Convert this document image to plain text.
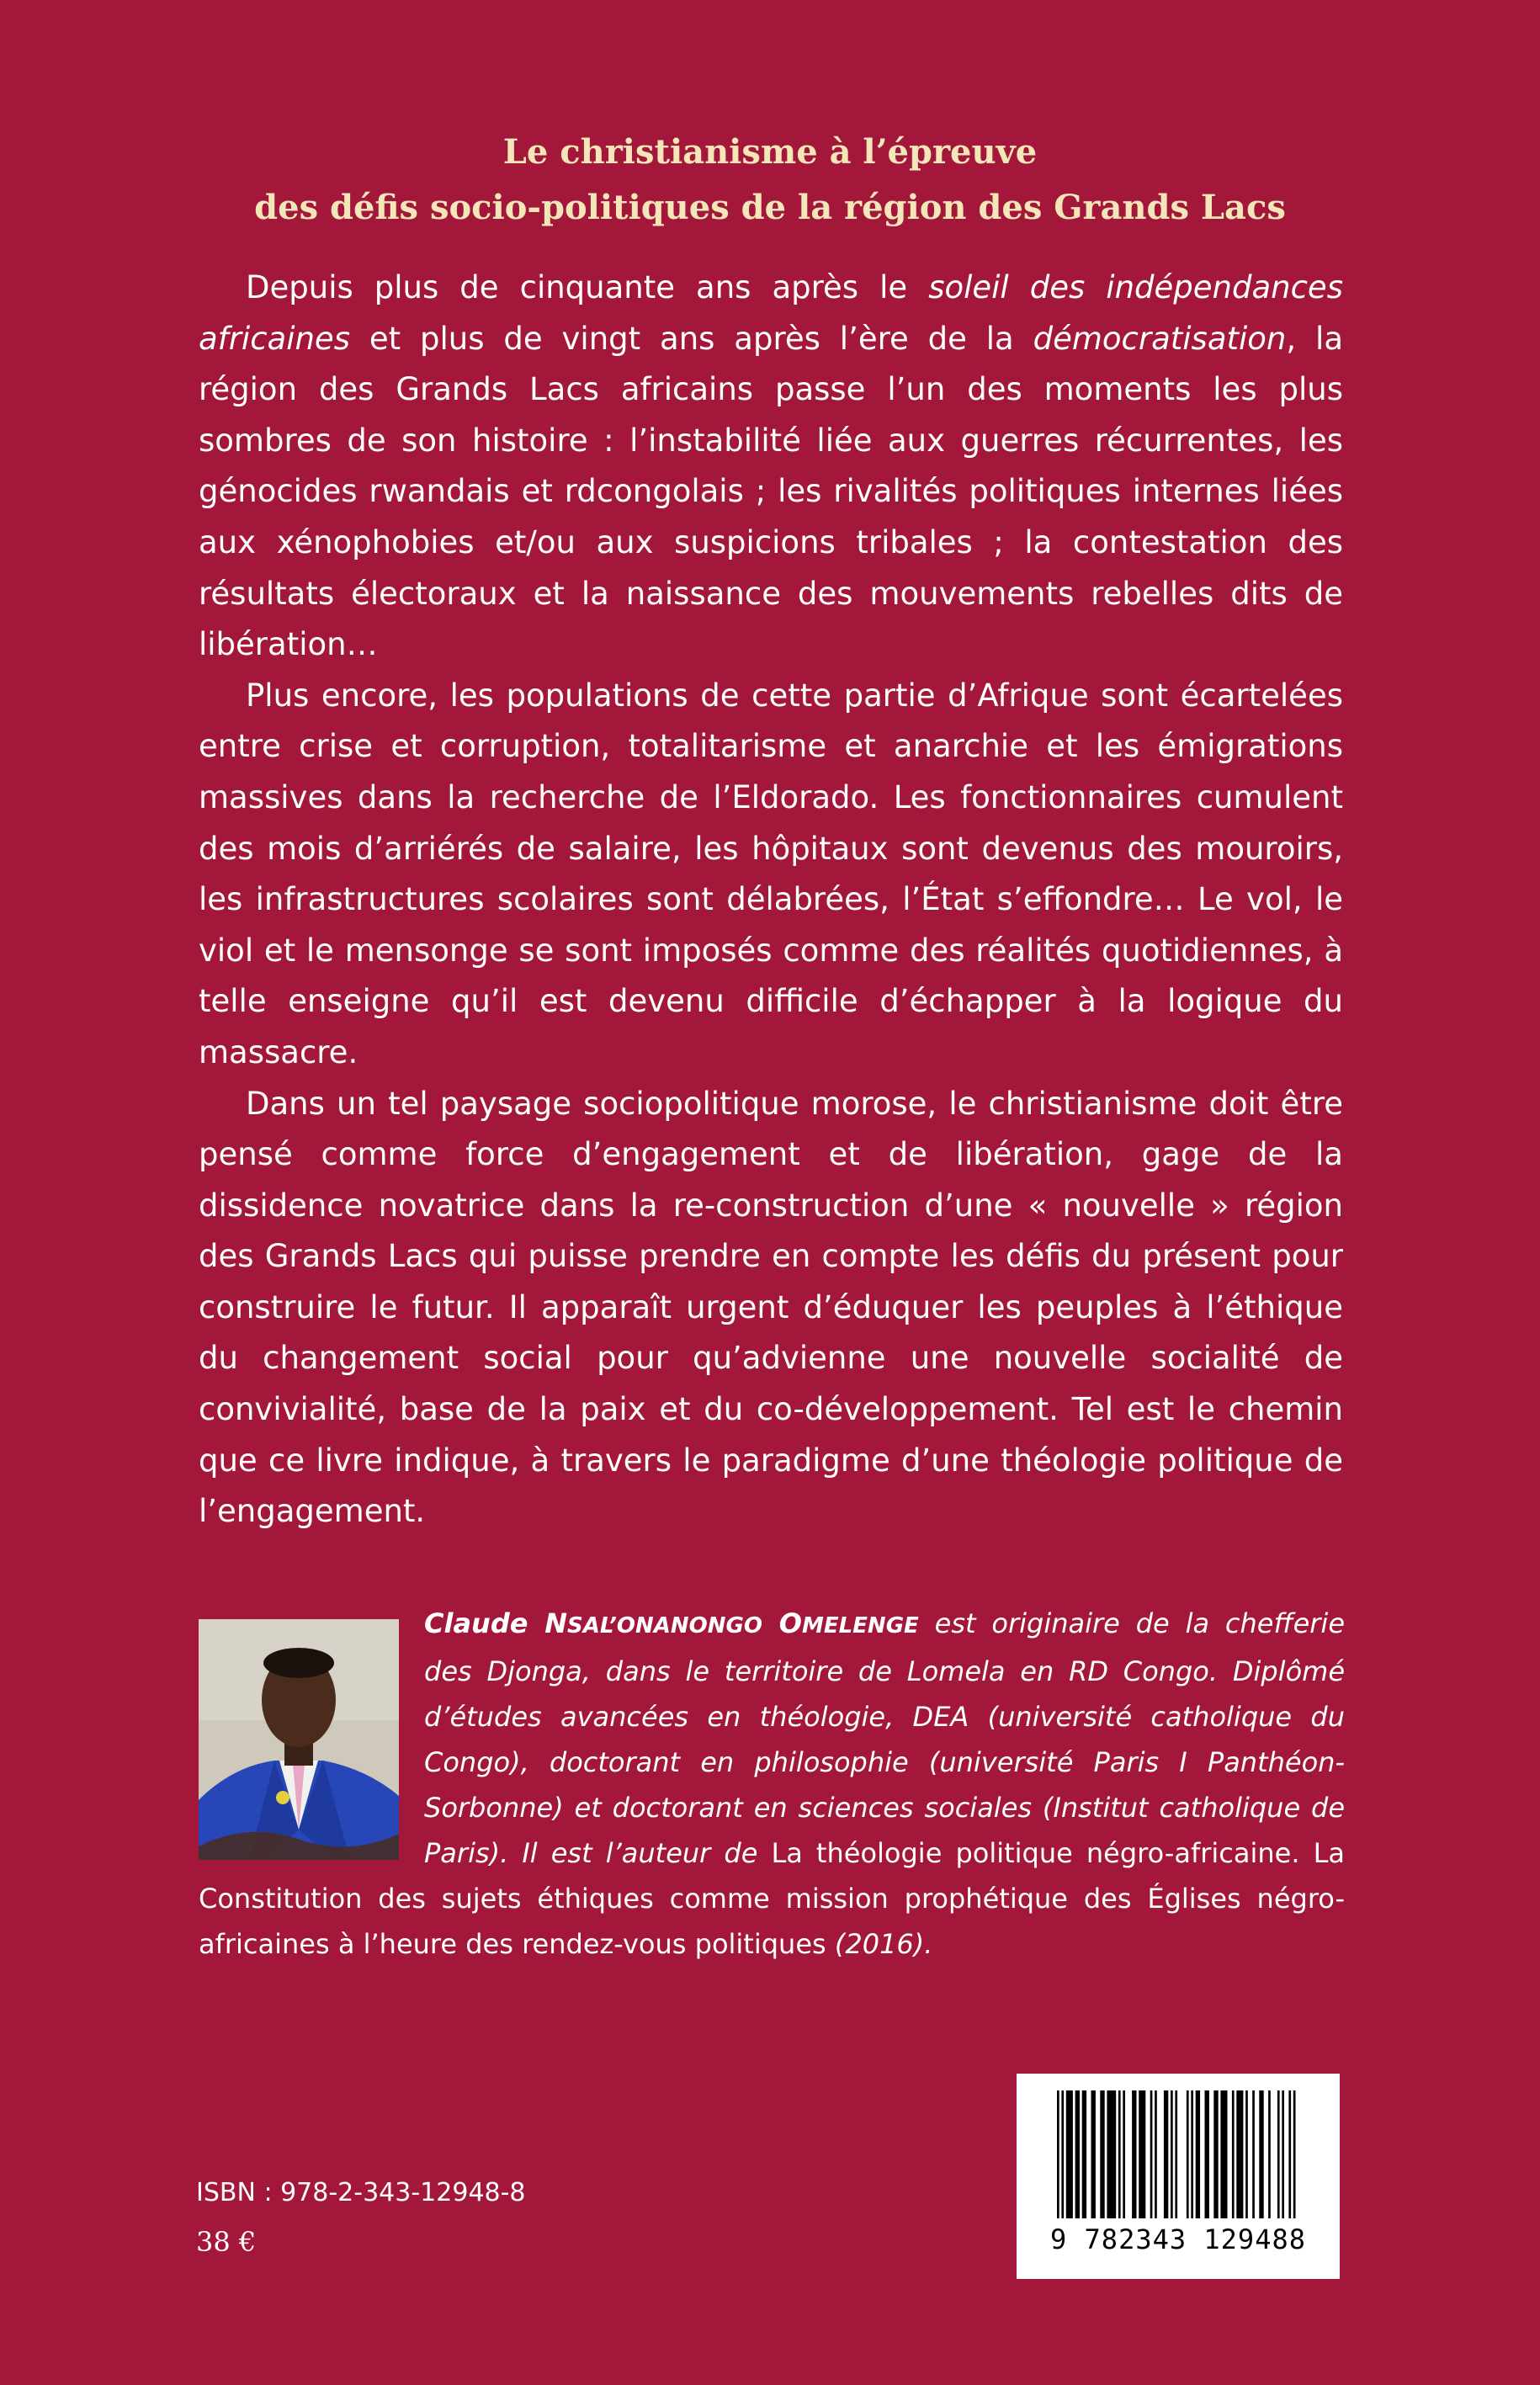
Le christianisme à l’épreuve
des défis socio-politiques de la région des Grands Lacs

Depuis plus de cinquante ans après le soleil des indépendances africaines et plus de vingt ans après l’ère de la démocratisation, la région des Grands Lacs africains passe l’un des moments les plus sombres de son histoire : l’instabilité liée aux guerres récurrentes, les génocides rwandais et rdcongolais ; les rivalités politiques internes liées aux xénophobies et/ou aux suspicions tribales ; la contestation des résultats électoraux et la naissance des mouvements rebelles dits de libération…

Plus encore, les populations de cette partie d’Afrique sont écartelées entre crise et corruption, totalitarisme et anarchie et les émigrations massives dans la recherche de l’Eldorado. Les fonctionnaires cumulent des mois d’arriérés de salaire, les hôpitaux sont devenus des mouroirs, les infrastructures scolaires sont délabrées, l’État s’effondre… Le vol, le viol et le mensonge se sont imposés comme des réalités quotidiennes, à telle enseigne qu’il est devenu difficile d’échapper à la logique du massacre.

Dans un tel paysage sociopolitique morose, le christianisme doit être pensé comme force d’engagement et de libération, gage de la dissidence novatrice dans la re-construction d’une « nouvelle » région des Grands Lacs qui puisse prendre en compte les défis du présent pour construire le futur. Il apparaît urgent d’éduquer les peuples à l’éthique du changement social pour qu’advienne une nouvelle socialité de convivialité, base de la paix et du co-développement. Tel est le chemin que ce livre indique, à travers le paradigme d’une théologie politique de l’engagement.

Claude NSAL’ONANONGO OMELENGE est originaire de la chefferie des Djonga, dans le territoire de Lomela en RD Congo. Diplômé d’études avancées en théologie, DEA (université catholique du Congo), doctorant en philosophie (université Paris I Panthéon-Sorbonne) et doctorant en sciences sociales (Institut catholique de Paris). Il est l’auteur de La théologie politique négro-africaine. La Constitution des sujets éthiques comme mission prophétique des Églises négro-africaines à l’heure des rendez-vous politiques (2016).
ISBN : 978-2-343-12948-8
38 €	9 782343 129488
